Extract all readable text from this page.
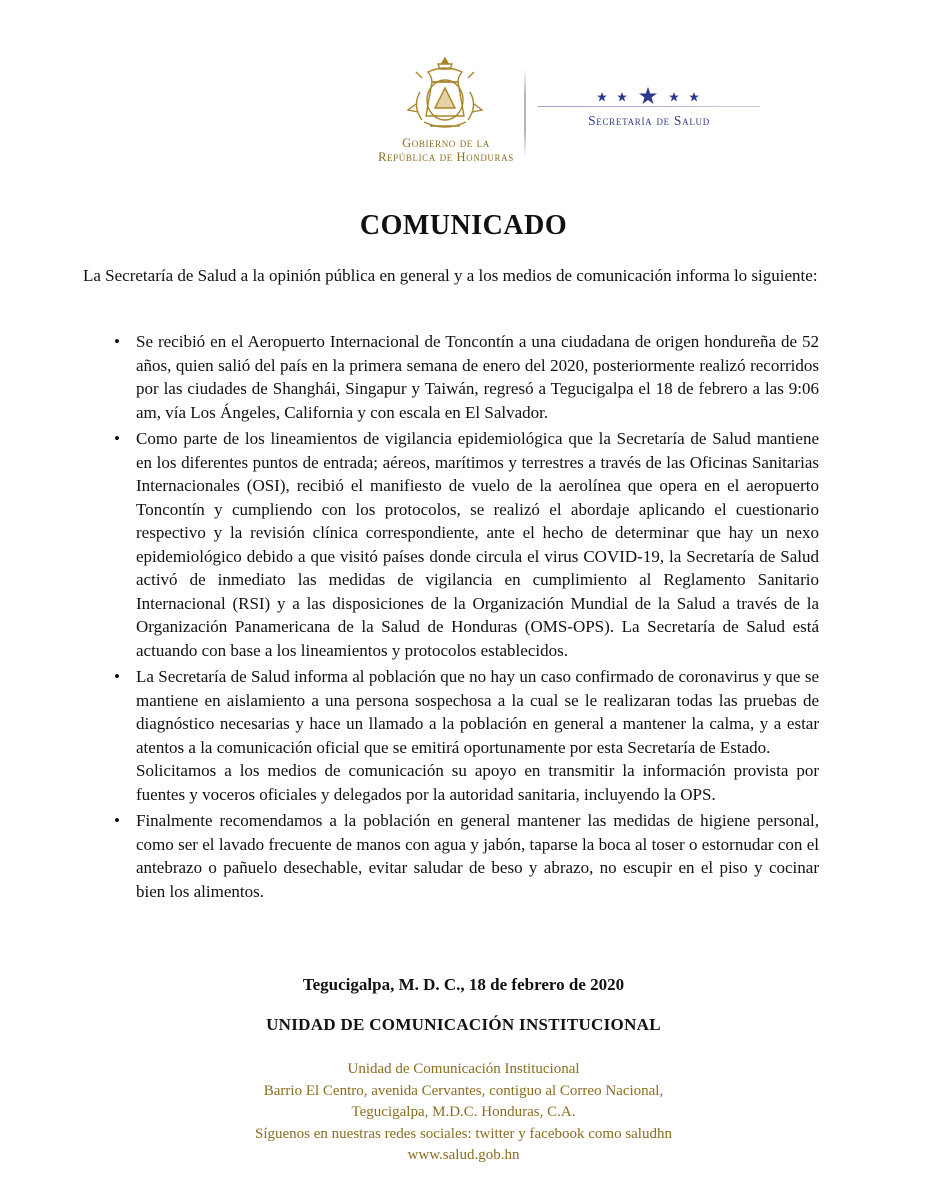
Gobierno de la
República de Honduras
Secretaría de Salud
COMUNICADO
La Secretaría de Salud a la opinión pública en general y a los medios de comunicación informa lo siguiente:
• Se recibió en el Aeropuerto Internacional de Toncontín a una ciudadana de origen hondureña de 52 años, quien salió del país en la primera semana de enero del 2020, posteriormente realizó recorridos por las ciudades de Shanghái, Singapur y Taiwán, regresó a Tegucigalpa el 18 de febrero a las 9:06 am, vía Los Ángeles, California y con escala en El Salvador.
• Como parte de los lineamientos de vigilancia epidemiológica que la Secretaría de Salud mantiene en los diferentes puntos de entrada; aéreos, marítimos y terrestres a través de las Oficinas Sanitarias Internacionales (OSI), recibió el manifiesto de vuelo de la aerolínea que opera en el aeropuerto Toncontín y cumpliendo con los protocolos, se realizó el abordaje aplicando el cuestionario respectivo y la revisión clínica correspondiente, ante el hecho de determinar que hay un nexo epidemiológico debido a que visitó países donde circula el virus COVID-19, la Secretaría de Salud activó de inmediato las medidas de vigilancia en cumplimiento al Reglamento Sanitario Internacional (RSI) y a las disposiciones de la Organización Mundial de la Salud a través de la Organización Panamericana de la Salud de Honduras (OMS-OPS). La Secretaría de Salud está actuando con base a los lineamientos y protocolos establecidos.
• La Secretaría de Salud informa al población que no hay un caso confirmado de coronavirus y que se mantiene en aislamiento a una persona sospechosa a la cual se le realizaran todas las pruebas de diagnóstico necesarias y hace un llamado a la población en general a mantener la calma, y a estar atentos a la comunicación oficial que se emitirá oportunamente por esta Secretaría de Estado.
Solicitamos a los medios de comunicación su apoyo en transmitir la información provista por fuentes y voceros oficiales y delegados por la autoridad sanitaria, incluyendo la OPS.
• Finalmente recomendamos a la población en general mantener las medidas de higiene personal, como ser el lavado frecuente de manos con agua y jabón, taparse la boca al toser o estornudar con el antebrazo o pañuelo desechable, evitar saludar de beso y abrazo, no escupir en el piso y cocinar bien los alimentos.
Tegucigalpa, M. D. C., 18 de febrero de 2020
UNIDAD DE COMUNICACIÓN INSTITUCIONAL
Unidad de Comunicación Institucional
Barrio El Centro, avenida Cervantes, contiguo al Correo Nacional,
Tegucigalpa, M.D.C. Honduras, C.A.
Síguenos en nuestras redes sociales: twitter y facebook como saludhn
www.salud.gob.hn
